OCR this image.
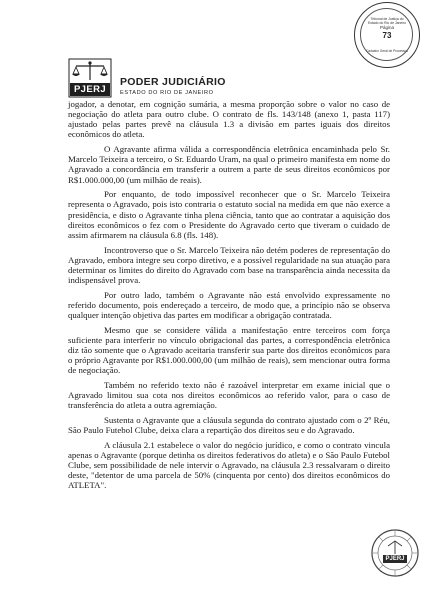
Tribunal de Justiça do Estado do Rio de Janeiro
Página
73
Cadastro Geral de Processos
PJERJ
PODER JUDICIÁRIO
ESTADO DO RIO DE JANEIRO

jogador, a denotar, em cognição sumária, a mesma proporção sobre o valor no caso de negociação do atleta para outro clube. O contrato de fls. 143/148 (anexo 1, pasta 117) ajustado pelas partes prevê na cláusula 1.3 a divisão em partes iguais dos direitos econômicos do atleta.

O Agravante afirma válida a correspondência eletrônica encaminhada pelo Sr. Marcelo Teixeira a terceiro, o Sr. Eduardo Uram, na qual o primeiro manifesta em nome do Agravado a concordância em transferir a outrem a parte de seus direitos econômicos por R$1.000.000,00 (um milhão de reais).

Por enquanto, de todo impossível reconhecer que o Sr. Marcelo Teixeira representa o Agravado, pois isto contraria o estatuto social na medida em que não exerce a presidência, e disto o Agravante tinha plena ciência, tanto que ao contratar a aquisição dos direitos econômicos o fez com o Presidente do Agravado certo que tiveram o cuidado de assim afirmarem na cláusula 6.8 (fls. 148).

Incontroverso que o Sr. Marcelo Teixeira não detém poderes de representação do Agravado, embora integre seu corpo diretivo, e a possível regularidade na sua atuação para determinar os limites do direito do Agravado com base na transparência ainda necessita da indispensável prova.

Por outro lado, também o Agravante não está envolvido expressamente no referido documento, pois endereçado a terceiro, de modo que, a princípio não se observa qualquer intenção objetiva das partes em modificar a obrigação contratada.

Mesmo que se considere válida a manifestação entre terceiros com força suficiente para interferir no vínculo obrigacional das partes, a correspondência eletrônica diz tão somente que o Agravado aceitaria transferir sua parte dos direitos econômicos para o próprio Agravante por R$1.000.000,00 (um milhão de reais), sem mencionar outra forma de negociação.

Também no referido texto não é razoável interpretar em exame inicial que o Agravado limitou sua cota nos direitos econômicos ao referido valor, para o caso de transferência do atleta a outra agremiação.

Sustenta o Agravante que a cláusula segunda do contrato ajustado com o 2º Réu, São Paulo Futebol Clube, deixa clara a repartição dos direitos seu e do Agravado.

A cláusula 2.1 estabelece o valor do negócio jurídico, e como o contrato vincula apenas o Agravante (porque detinha os direitos federativos do atleta) e o São Paulo Futebol Clube, sem possibilidade de nele intervir o Agravado, na cláusula 2.3 ressalvaram o direito deste, "detentor de uma parcela de 50% (cinquenta por cento) dos direitos econômicos do ATLETA".

PJERJ
